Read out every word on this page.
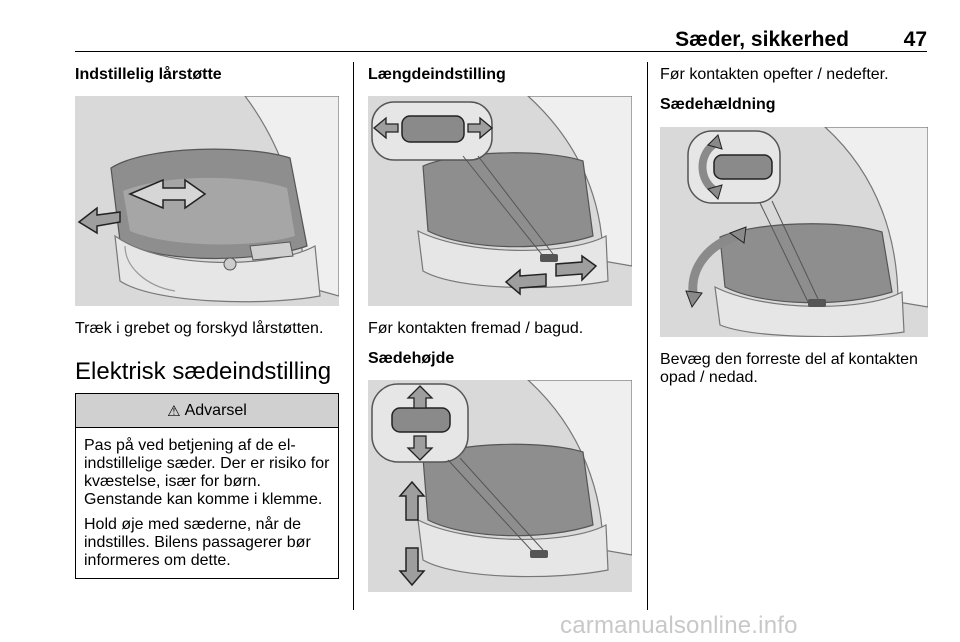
Sæder, sikkerhed	47
Indstillelig lårstøtte
Træk i grebet og forskyd lårstøtten.
Elektrisk sædeindstilling
⚠ Advarsel

Pas på ved betjening af de el-indstillelige sæder. Der er risiko for kvæstelse, især for børn. Genstande kan komme i klemme.

Hold øje med sæderne, når de indstilles. Bilens passagerer bør informeres om dette.

Længdeindstilling
Før kontakten fremad / bagud.
Sædehøjde
Før kontakten opefter / nedefter.
Sædehældning
Bevæg den forreste del af kontakten opad / nedad.
carmanualsonline.info
